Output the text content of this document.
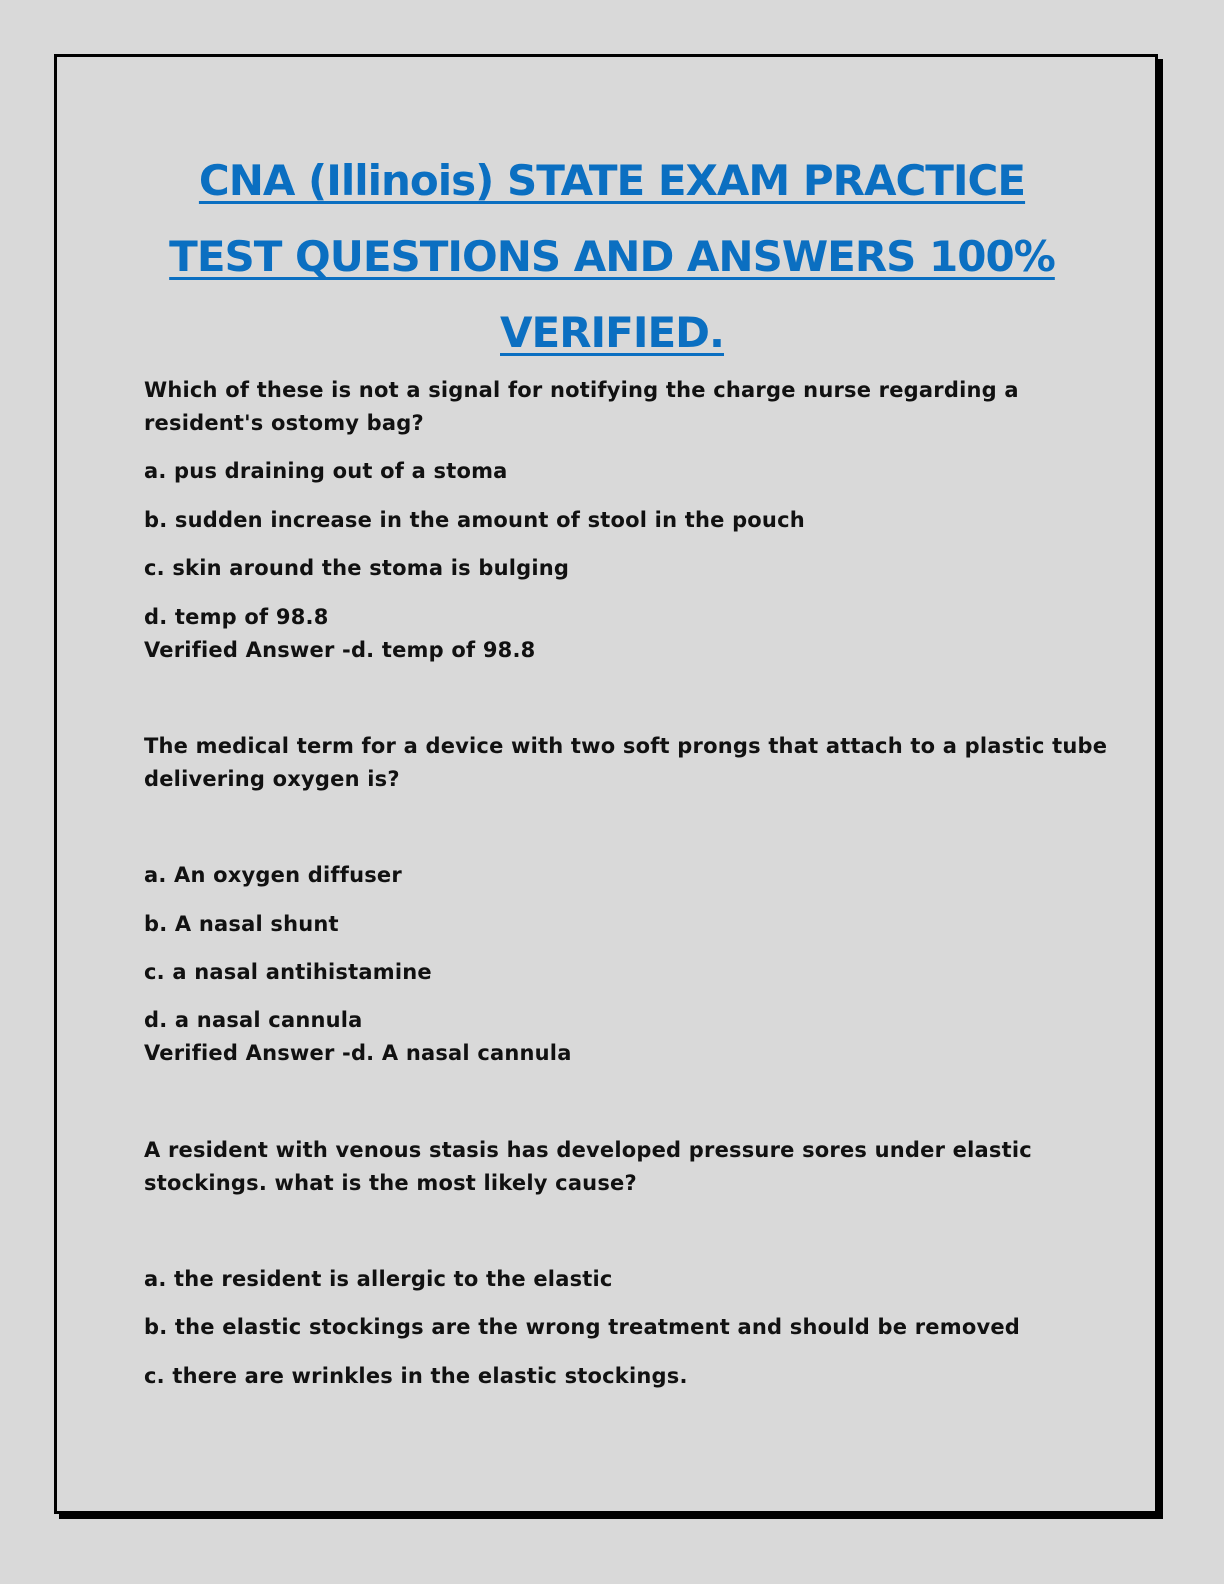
CNA (Illinois) STATE EXAM PRACTICE
TEST QUESTIONS AND ANSWERS 100%
VERIFIED.
Which of these is not a signal for notifying the charge nurse regarding a
resident's ostomy bag?
a. pus draining out of a stoma
b. sudden increase in the amount of stool in the pouch
c. skin around the stoma is bulging
d. temp of 98.8
Verified Answer -d. temp of 98.8
The medical term for a device with two soft prongs that attach to a plastic tube
delivering oxygen is?
a. An oxygen diffuser
b. A nasal shunt
c. a nasal antihistamine
d. a nasal cannula
Verified Answer -d. A nasal cannula
A resident with venous stasis has developed pressure sores under elastic
stockings. what is the most likely cause?
a. the resident is allergic to the elastic
b. the elastic stockings are the wrong treatment and should be removed
c. there are wrinkles in the elastic stockings.
